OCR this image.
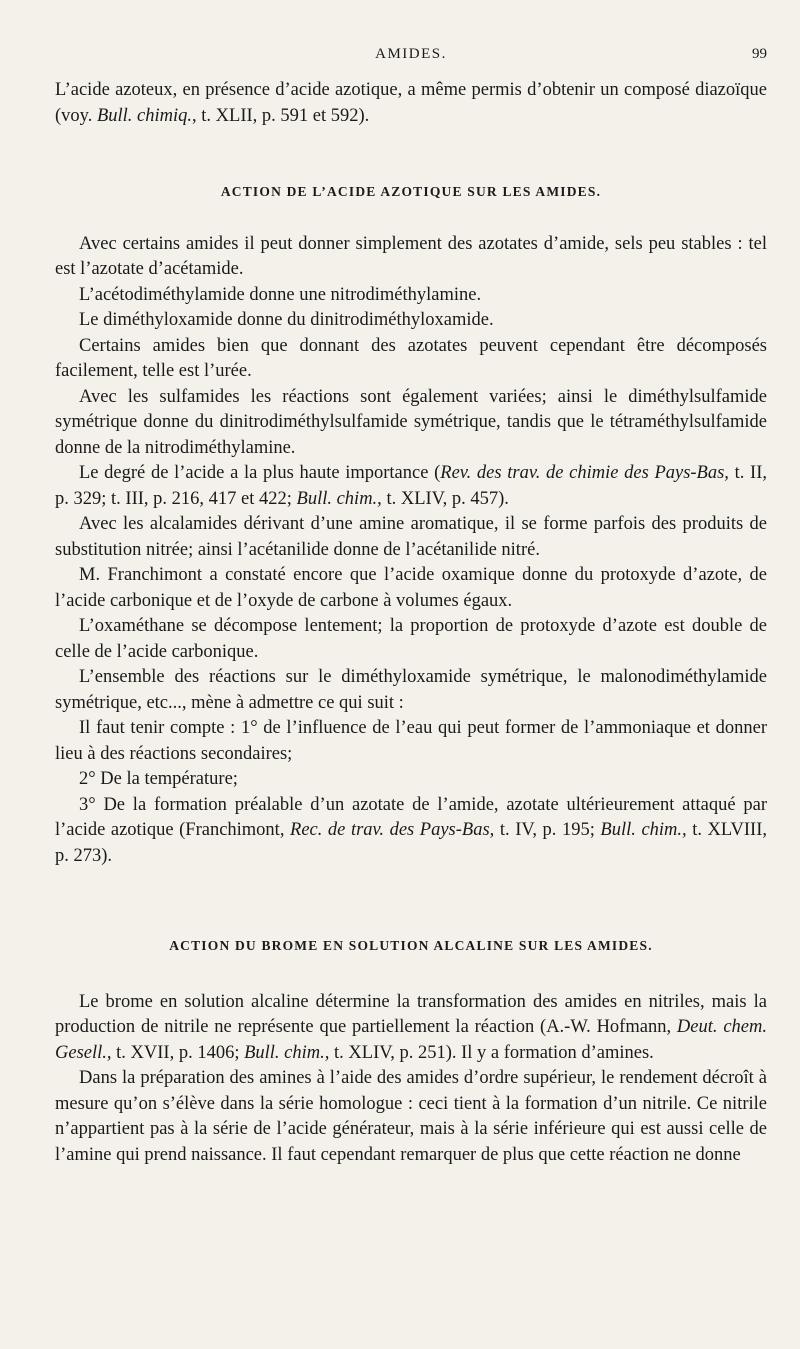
AMIDES.	99

L’acide azoteux, en présence d’acide azotique, a même permis d’obtenir un composé diazoïque (voy. Bull. chimiq., t. XLII, p. 591 et 592).

ACTION DE L’ACIDE AZOTIQUE SUR LES AMIDES.

Avec certains amides il peut donner simplement des azotates d’amide, sels peu stables : tel est l’azotate d’acétamide.

L’acétodiméthylamide donne une nitrodiméthylamine.

Le diméthyloxamide donne du dinitrodiméthyloxamide.

Certains amides bien que donnant des azotates peuvent cependant être décomposés facilement, telle est l’urée.

Avec les sulfamides les réactions sont également variées; ainsi le diméthylsulfamide symétrique donne du dinitrodiméthylsulfamide symétrique, tandis que le tétraméthylsulfamide donne de la nitrodiméthylamine.

Le degré de l’acide a la plus haute importance (Rev. des trav. de chimie des Pays-Bas, t. II, p. 329; t. III, p. 216, 417 et 422; Bull. chim., t. XLIV, p. 457).

Avec les alcalamides dérivant d’une amine aromatique, il se forme parfois des produits de substitution nitrée; ainsi l’acétanilide donne de l’acétanilide nitré.

M. Franchimont a constaté encore que l’acide oxamique donne du protoxyde d’azote, de l’acide carbonique et de l’oxyde de carbone à volumes égaux.

L’oxaméthane se décompose lentement; la proportion de protoxyde d’azote est double de celle de l’acide carbonique.

L’ensemble des réactions sur le diméthyloxamide symétrique, le malonodiméthylamide symétrique, etc..., mène à admettre ce qui suit :

Il faut tenir compte : 1° de l’influence de l’eau qui peut former de l’ammoniaque et donner lieu à des réactions secondaires;

2° De la température;

3° De la formation préalable d’un azotate de l’amide, azotate ultérieurement attaqué par l’acide azotique (Franchimont, Rec. de trav. des Pays-Bas, t. IV, p. 195; Bull. chim., t. XLVIII, p. 273).

ACTION DU BROME EN SOLUTION ALCALINE SUR LES AMIDES.

Le brome en solution alcaline détermine la transformation des amides en nitriles, mais la production de nitrile ne représente que partiellement la réaction (A.-W. Hofmann, Deut. chem. Gesell., t. XVII, p. 1406; Bull. chim., t. XLIV, p. 251). Il y a formation d’amines.

Dans la préparation des amines à l’aide des amides d’ordre supérieur, le rendement décroît à mesure qu’on s’élève dans la série homologue : ceci tient à la formation d’un nitrile. Ce nitrile n’appartient pas à la série de l’acide générateur, mais à la série inférieure qui est aussi celle de l’amine qui prend naissance. Il faut cependant remarquer de plus que cette réaction ne donne
